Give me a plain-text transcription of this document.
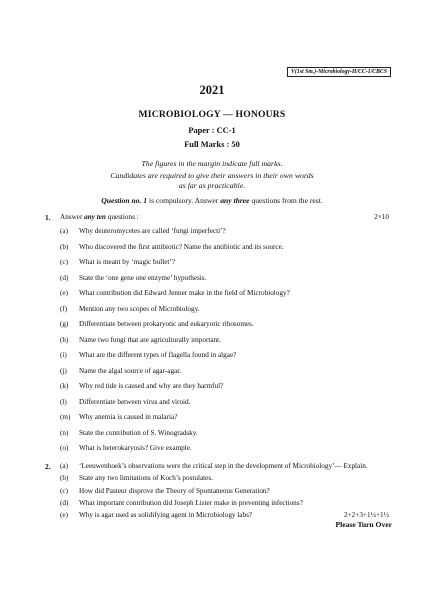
V(1st Sm.)-Microbiology-H/CC-1/CBCS
2021
MICROBIOLOGY — HONOURS
Paper : CC-1
Full Marks : 50
The figures in the margin indicate full marks.
Candidates are required to give their answers in their own words
as far as practicable.
Question no. 1 is compulsory. Answer any three questions from the rest.
1. Answer any ten questions :	2×10
(a) Why deuteromycetes are called ‘fungi imperfecti’?
(b) Who discovered the first antibiotic? Name the antibiotic and its source.
(c) What is meant by ‘magic bullet’?
(d) State the ‘one gene one enzyme’ hypothesis.
(e) What contribution did Edward Jenner make in the field of Microbiology?
(f) Mention any two scopes of Microbiology.
(g) Differentiate between prokaryotic and eukaryotic ribosomes.
(h) Name two fungi that are agriculturally important.
(i) What are the different types of flagella found in algae?
(j) Name the algal source of agar-agar.
(k) Why red tide is caused and why are they harmful?
(l) Differentiate between virus and viroid.
(m) Why anemia is caused in malaria?
(n) State the contribution of S. Winogradsky.
(o) What is heterokaryosis? Give example.
2. (a) ‘Leeuwenhoek’s observations were the critical step in the development of Microbiology’— Explain.
(b) State any two limitations of Koch’s postulates.
(c) How did Pasteur disprove the Theory of Spontaneous Generation?
(d) What important contribution did Joseph Lister make in preventing infections?
(e) Why is agar used as solidifying agent in Microbiology labs?	2+2+3+1½+1½
Please Turn Over
